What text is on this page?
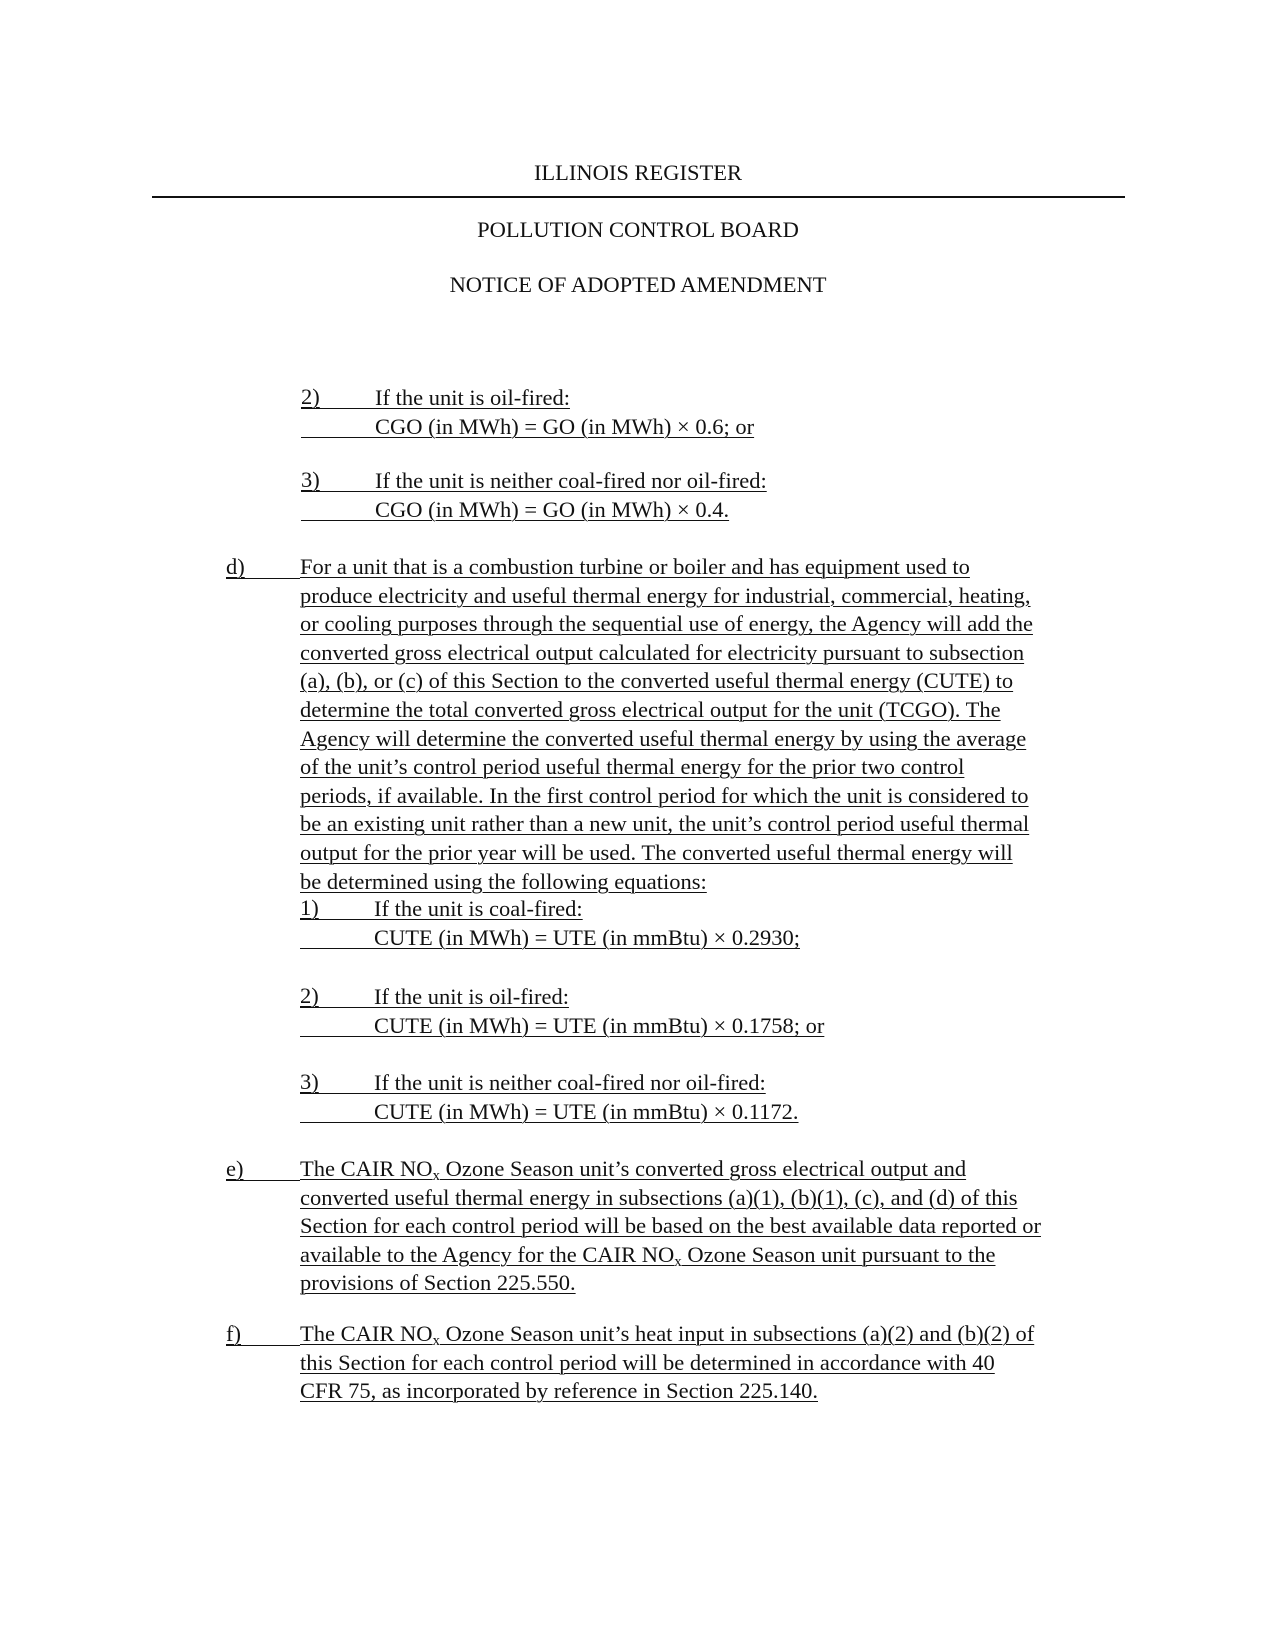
ILLINOIS REGISTER
POLLUTION CONTROL BOARD
NOTICE OF ADOPTED AMENDMENT
2)	If the unit is oil-fired:
CGO (in MWh) = GO (in MWh) × 0.6; or
3)	If the unit is neither coal-fired nor oil-fired:
CGO (in MWh) = GO (in MWh) × 0.4.
d)	For a unit that is a combustion turbine or boiler and has equipment used to
produce electricity and useful thermal energy for industrial, commercial, heating,
or cooling purposes through the sequential use of energy, the Agency will add the
converted gross electrical output calculated for electricity pursuant to subsection
(a), (b), or (c) of this Section to the converted useful thermal energy (CUTE) to
determine the total converted gross electrical output for the unit (TCGO). The
Agency will determine the converted useful thermal energy by using the average
of the unit’s control period useful thermal energy for the prior two control
periods, if available. In the first control period for which the unit is considered to
be an existing unit rather than a new unit, the unit’s control period useful thermal
output for the prior year will be used. The converted useful thermal energy will
be determined using the following equations:
1)	If the unit is coal-fired:
CUTE (in MWh) = UTE (in mmBtu) × 0.2930;
2)	If the unit is oil-fired:
CUTE (in MWh) = UTE (in mmBtu) × 0.1758; or
3)	If the unit is neither coal-fired nor oil-fired:
CUTE (in MWh) = UTE (in mmBtu) × 0.1172.
e)	The CAIR $NO_x$ Ozone Season unit’s converted gross electrical output and
converted useful thermal energy in subsections (a)(1), (b)(1), (c), and (d) of this
Section for each control period will be based on the best available data reported or
available to the Agency for the CAIR $NO_x$ Ozone Season unit pursuant to the
provisions of Section 225.550.
f)	The CAIR $NO_x$ Ozone Season unit’s heat input in subsections (a)(2) and (b)(2) of
this Section for each control period will be determined in accordance with 40
CFR 75, as incorporated by reference in Section 225.140.
